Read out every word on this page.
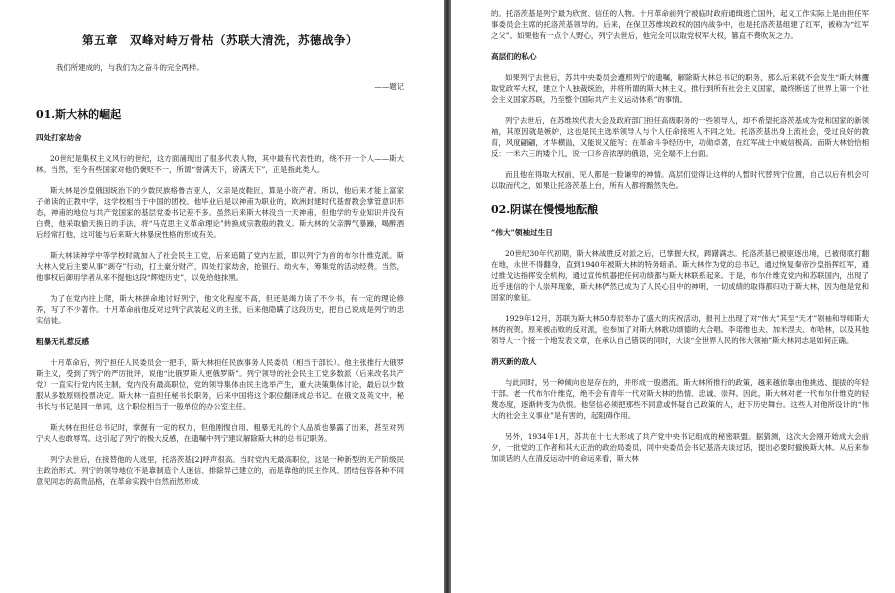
第五章　双峰对峙万骨枯（苏联大清洗，苏德战争）
我们所建成的，与我们为之奋斗的完全两样。
——题记
01.斯大林的崛起
四处打家劫舍

20世纪是集权主义风行的世纪，这方面涌现出了很多代表人物，其中最有代表性的，绕不开一个人——斯大林。当然，至今有些国家对他仍褒贬不一，所谓“誉满天下，谤满天下”，正是指此类人。

斯大林是沙皇俄国统治下的少数民族格鲁吉亚人，父亲是皮鞋匠，算是小资产者。所以，他后来才能上富家子弟读的正教中学，这学校相当于中国的团校。他毕业后是以神甫为职业的，欧洲封建时代基督教会掌管意识形态，神甫的地位与共产党国家的基层党委书记差不多。虽然后来斯大林没当一天神甫，但他学的专业知识并没有白费，他采取偷天换日的手法，将“马克思主义革命理论”转换成宗教般的教义。斯大林的父亲脾气暴躁，喝醉酒后经常打他，这可能与后来斯大林暴戾性格的形成有关。

斯大林读神学中等学校时就加入了社会民主工党，后来追随了党内左派，即以列宁为首的布尔什维克派。斯大林入党后主要从事“剥夺”行动，打土豪分财产，四处打家劫舍，抢银行、劫火车，筹集党的活动经费。当然，他事权后御用学者从来不提他这段“辉煌历史”，以免给他抹黑。

为了在党内往上爬，斯大林拼命地讨好列宁，他文化程度不高，但还是竭力读了不少书，有一定的理论修养，写了不少著作。十月革命前他反对过列宁武装起义的主张，后来他隐瞒了这段历史，把自己说成是列宁的忠实信徒。

粗暴无礼惹反感

十月革命后，列宁担任人民委员会一把手，斯大林担任民族事务人民委员（相当于部长）。他主张推行大俄罗斯主义，受到了列宁的严厉批评，说他“比俄罗斯人更俄罗斯”。列宁领导的社会民主工党多数派（后来改名共产党）一直实行党内民主制，党内没有最高职位，党的领导集体由民主选举产生，重大决策集体讨论，最后以少数服从多数原则投票决定。斯大林一直担任秘书长职务，后来中国将这个职位翻译成总书记。在俄文及英文中，秘书长与书记是同一单词，这个职位相当于一般单位的办公室主任。

斯大林在担任总书记时，掌握有一定的权力，但他刚愎自用、粗暴无礼的个人品质也暴露了出来，甚至对列宁夫人也敢辱骂。这引起了列宁的极大反感，在遗嘱中列宁建议解除斯大林的总书记职务。

列宁去世后，在接替他的人选里，托洛茨基[2]呼声很高。当时党内无最高职位，这是一种新型的无产阶级民主政治形式。列宁的领导地位不是靠制造个人迷信、排除异己建立的，而是靠他的民主作风、团结包容各种不同意见同志的高贵品格，在革命实践中自然而然形成

的。托洛茨基是列宁最为欣赏、信任的人物。十月革命前列宁被临时政府通缉逃亡国外，起义工作实际上是由担任军事委员会主席的托洛茨基领导的。后来，在保卫苏维埃政权的国内战争中，也是托洛茨基组建了红军，被称为“红军之父”。如果他有一点个人野心，列宁去世后，他完全可以取党权军大权，篡直不费吹灰之力。

高层们的私心

如果列宁去世后，苏共中央委员会遵照列宁的遗嘱，解除斯大林总书记的职务，那么后来就不会发生“斯大林攫取党政军大权，建立个人独裁统治，并将所谓的斯大林主义，推行到所有社会主义国家，最终断送了世界上第一个社会主义国家苏联，乃至整个国际共产主义运动体系”的事情。

列宁去世后，在苏维埃代表大会及政府部门担任高级职务的一些领导人，却不希望托洛茨基成为党和国家的新领袖，其原因就是嫉妒，这也是民主选举领导人与个人任命接班人不同之处。托洛茨基出身上流社会，受过良好的教育，风度翩翩，才华横溢，又能说又能写；在革命斗争经历中，功勋卓著，在红军战士中威信极高。而斯大林恰恰相反：一米六三的矮个儿，说一口乡音浓厚的俄语，完全端不上台面。

而且他在得取大权前，见人都是一脸谦卑的神情。高层们觉得让这样的人暂时代替列宁位置，自己以后有机会可以取而代之，如果让托洛茨基上台，所有人都将黯然失色。

02.阴谋在慢慢地酝酿
“伟大”领袖过生日

20世纪30年代初期，斯大林战胜反对派之后，已掌握大权，踌躇满志。托洛茨基已被驱逐出境，已被彻底打翻在地，永世不得翻身，直到1940年被斯大林的特务暗杀。斯大林作为党的总书记，通过恢复秦帝沙皇指挥红军，通过推戈达指挥安全机构，通过宣传机器把任何功绩都与斯大林联系起来。于是，布尔什维克党内和苏联国内，出现了近乎迷信的个人崇拜现象，斯大林俨然已成为了人民心目中的神明，一切成绩的取得都归功于斯大林，因为他是党和国家的象征。

1929年12月，苏联为斯大林50寿辰举办了盛大的庆祝活动，报刊上出现了对“伟大”其至“天才”领袖和导师斯大林的祝贺。原来被击败的反对派，也参加了对斯大林歌功颂德的大合唱。李诺维也夫、加米涅夫、布哈林，以及其他领导人一个接一个地发表文章，在承认自己错误的同时，大谈“全世界人民的伟大领袖”斯大林同志是如何正确。

消灭新的敌人

与此同时，另一种倾向也是存在的，并形成一股潜流。斯大林所推行的政策，越来越依靠由他挑选、提拔的年轻干部。老一代布尔什维克，绝不会有青年一代对斯大林的热情、忠诚、崇拜。因此，斯大林对老一代布尔什维克的轻蔑态度，逐渐转变为仇恨。他坚信必须把那些不同意或怀疑自己政策的人，赶下历史舞台。这些人对他所设计的“伟大的社会主义事业”是有害的，起阻碍作用。

另外，1934年1月，苏共在十七大形成了共产党中央书记组成的秘密联盟。据猜测，这次大会刚开始成大会前夕，一批党的工作者和其大正治的政治局委员，同中央委员会书记基洛夫谈过话，提出必要时撤换斯大林。从后来参加谈话的人在清反运动中的命运来看，斯大林
